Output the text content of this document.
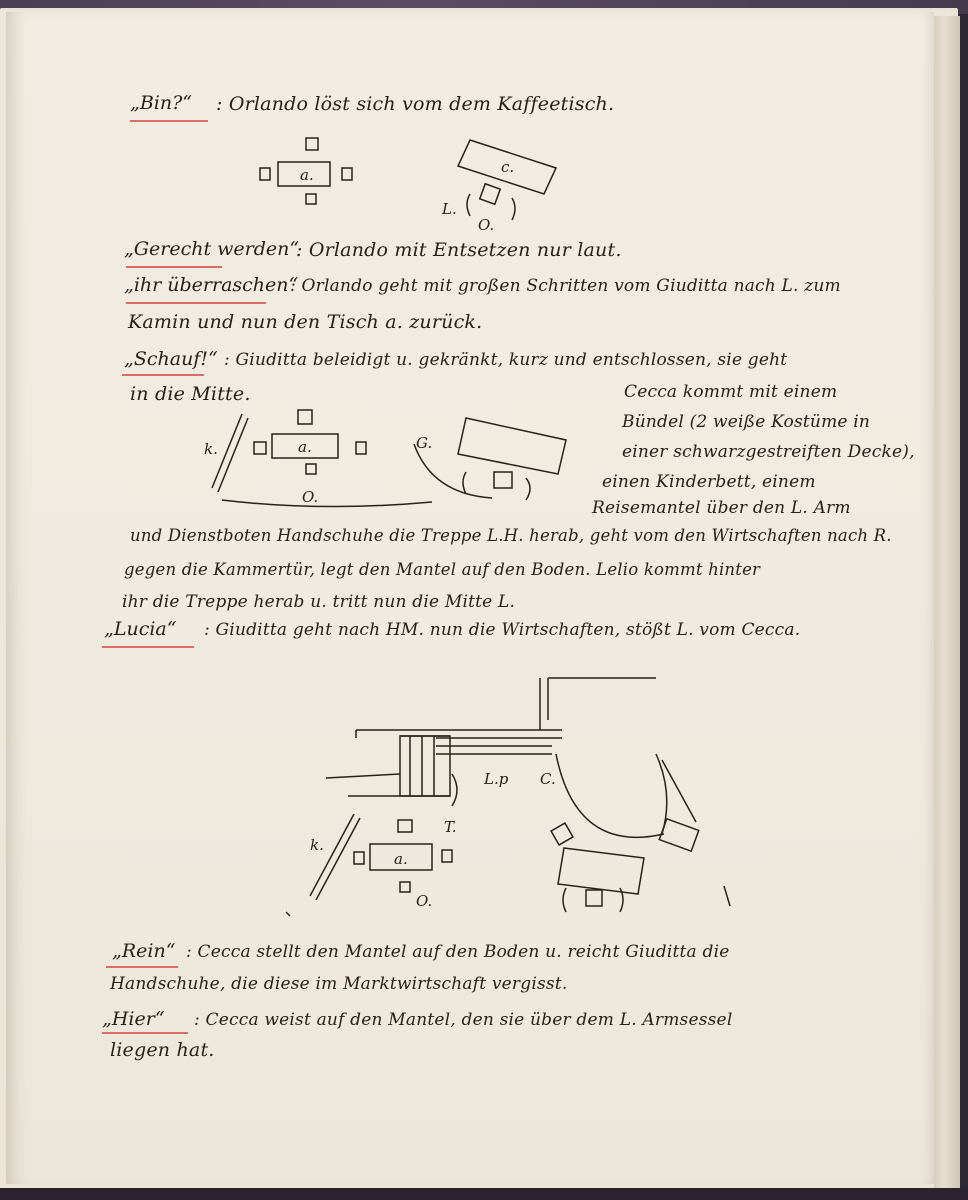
„Bin?“ : Orlando löst sich vom dem Kaffeetisch.
a.	c.
L.
O.
„Gerecht werden“
: Orlando mit Entsetzen nur laut.
„ihr überraschen“
: Orlando geht mit großen Schritten vom Giuditta nach L. zum
Kamin und nun den Tisch a. zurück.
„Schauf!“ : Giuditta beleidigt u. gekränkt, kurz und entschlossen, sie geht
in die Mitte.	Cecca kommt mit einem
Bündel (2 weiße Kostüme in
einer schwarzgestreiften Decke),
einen Kinderbett, einem
Reisemantel über den L. Arm
k.	a.
O.
G.
und Dienstboten Handschuhe die Treppe L.H. herab, geht vom den Wirtschaften nach R.
gegen die Kammertür, legt den Mantel auf den Boden. Lelio kommt hinter
ihr die Treppe herab u. tritt nun die Mitte L.
„Lucia“ : Giuditta geht nach HM. nun die Wirtschaften, stößt L. vom Cecca.
L.p C.
k.
a.
O.
T.
„Rein“ : Cecca stellt den Mantel auf den Boden u. reicht Giuditta die
Handschuhe, die diese im Marktwirtschaft vergisst.
„Hier“ : Cecca weist auf den Mantel, den sie über dem L. Armsessel
liegen hat.
